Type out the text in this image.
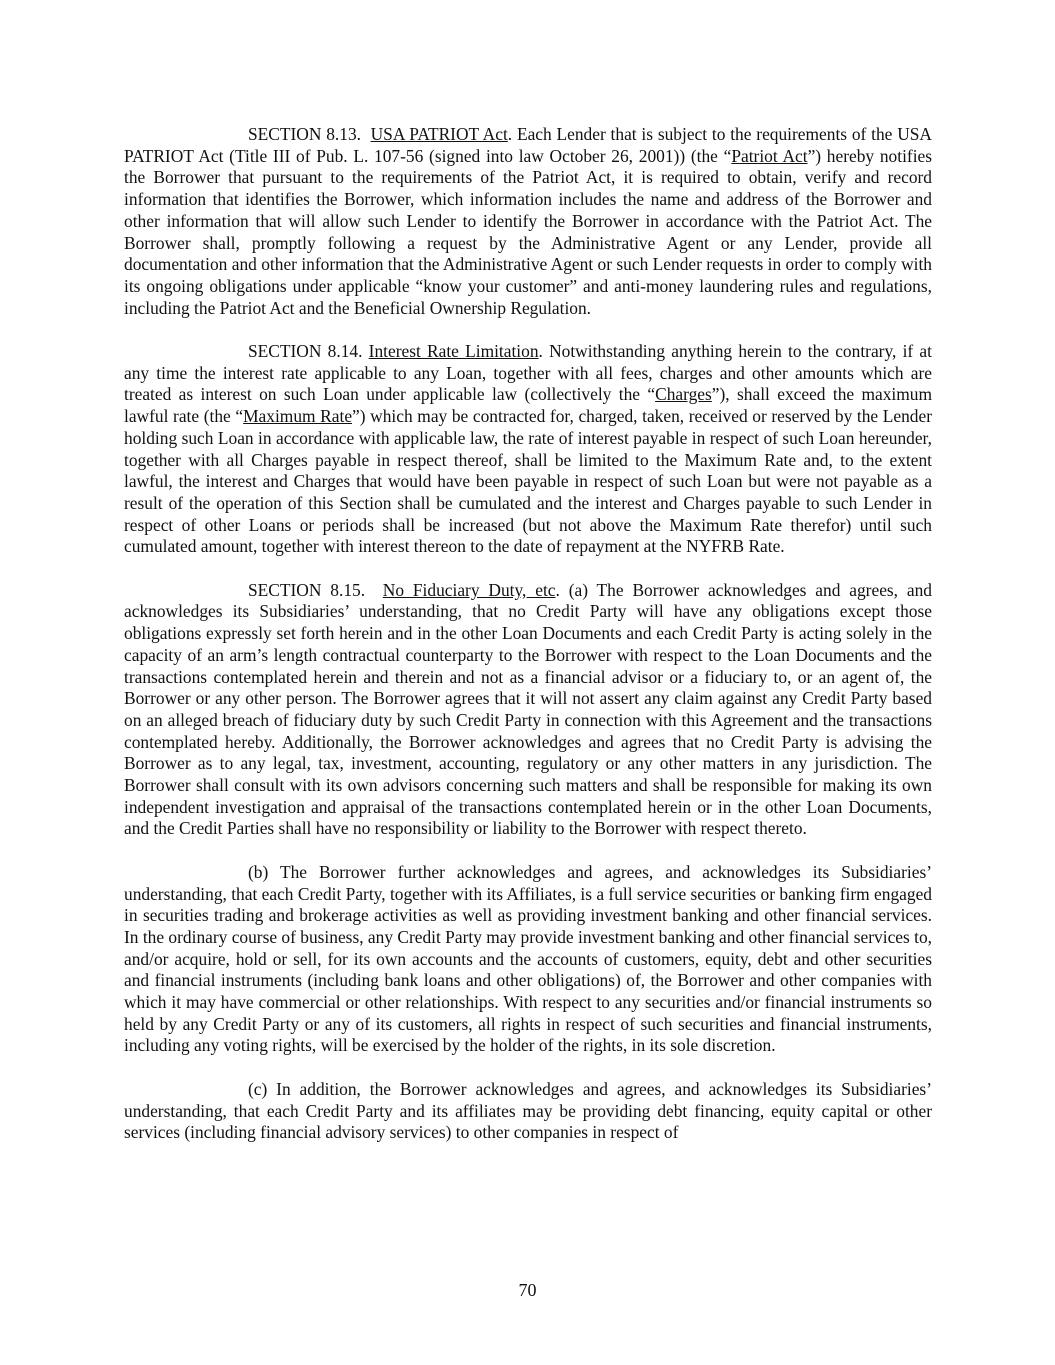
SECTION 8.13. USA PATRIOT Act. Each Lender that is subject to the requirements of the USA PATRIOT Act (Title III of Pub. L. 107-56 (signed into law October 26, 2001)) (the “Patriot Act”) hereby notifies the Borrower that pursuant to the requirements of the Patriot Act, it is required to obtain, verify and record information that identifies the Borrower, which information includes the name and address of the Borrower and other information that will allow such Lender to identify the Borrower in accordance with the Patriot Act. The Borrower shall, promptly following a request by the Administrative Agent or any Lender, provide all documentation and other information that the Administrative Agent or such Lender requests in order to comply with its ongoing obligations under applicable “know your customer” and anti-money laundering rules and regulations, including the Patriot Act and the Beneficial Ownership Regulation.

SECTION 8.14. Interest Rate Limitation. Notwithstanding anything herein to the contrary, if at any time the interest rate applicable to any Loan, together with all fees, charges and other amounts which are treated as interest on such Loan under applicable law (collectively the “Charges”), shall exceed the maximum lawful rate (the “Maximum Rate”) which may be contracted for, charged, taken, received or reserved by the Lender holding such Loan in accordance with applicable law, the rate of interest payable in respect of such Loan hereunder, together with all Charges payable in respect thereof, shall be limited to the Maximum Rate and, to the extent lawful, the interest and Charges that would have been payable in respect of such Loan but were not payable as a result of the operation of this Section shall be cumulated and the interest and Charges payable to such Lender in respect of other Loans or periods shall be increased (but not above the Maximum Rate therefor) until such cumulated amount, together with interest thereon to the date of repayment at the NYFRB Rate.

SECTION 8.15. No Fiduciary Duty, etc. (a) The Borrower acknowledges and agrees, and acknowledges its Subsidiaries’ understanding, that no Credit Party will have any obligations except those obligations expressly set forth herein and in the other Loan Documents and each Credit Party is acting solely in the capacity of an arm’s length contractual counterparty to the Borrower with respect to the Loan Documents and the transactions contemplated herein and therein and not as a financial advisor or a fiduciary to, or an agent of, the Borrower or any other person. The Borrower agrees that it will not assert any claim against any Credit Party based on an alleged breach of fiduciary duty by such Credit Party in connection with this Agreement and the transactions contemplated hereby. Additionally, the Borrower acknowledges and agrees that no Credit Party is advising the Borrower as to any legal, tax, investment, accounting, regulatory or any other matters in any jurisdiction. The Borrower shall consult with its own advisors concerning such matters and shall be responsible for making its own independent investigation and appraisal of the transactions contemplated herein or in the other Loan Documents, and the Credit Parties shall have no responsibility or liability to the Borrower with respect thereto.

(b) The Borrower further acknowledges and agrees, and acknowledges its Subsidiaries’ understanding, that each Credit Party, together with its Affiliates, is a full service securities or banking firm engaged in securities trading and brokerage activities as well as providing investment banking and other financial services. In the ordinary course of business, any Credit Party may provide investment banking and other financial services to, and/or acquire, hold or sell, for its own accounts and the accounts of customers, equity, debt and other securities and financial instruments (including bank loans and other obligations) of, the Borrower and other companies with which it may have commercial or other relationships. With respect to any securities and/or financial instruments so held by any Credit Party or any of its customers, all rights in respect of such securities and financial instruments, including any voting rights, will be exercised by the holder of the rights, in its sole discretion.

(c) In addition, the Borrower acknowledges and agrees, and acknowledges its Subsidiaries’ understanding, that each Credit Party and its affiliates may be providing debt financing, equity capital or other services (including financial advisory services) to other companies in respect of

70
